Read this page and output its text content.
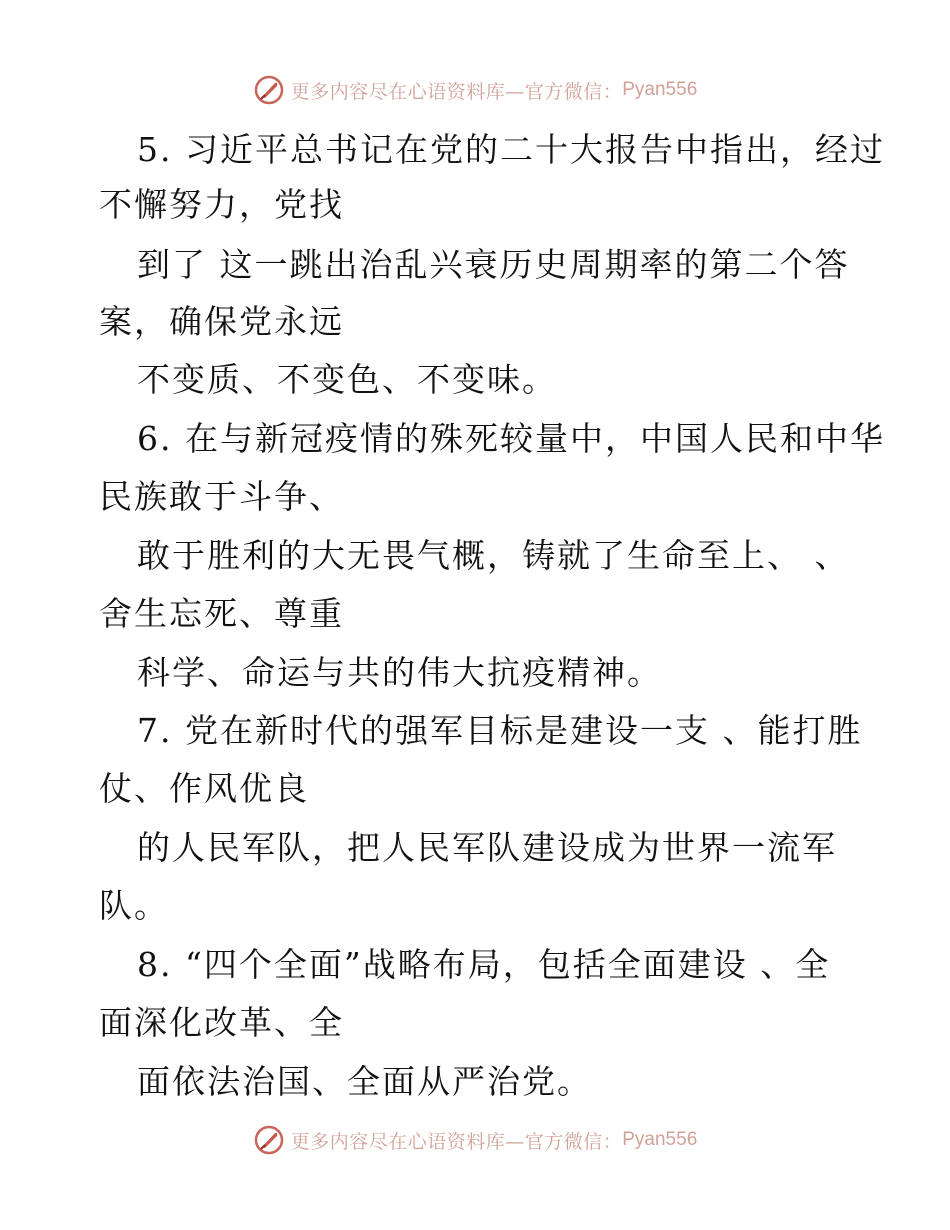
更多内容尽在心语资料库—官方微信： Pyan556
5. 习近平总书记在党的二十大报告中指出，经过
不懈努力，党找
到了 这一跳出治乱兴衰历史周期率的第二个答
案，确保党永远
不变质、不变色、不变味。
6. 在与新冠疫情的殊死较量中，中国人民和中华
民族敢于斗争、
敢于胜利的大无畏气概，铸就了生命至上、 、
舍生忘死、尊重
科学、命运与共的伟大抗疫精神。
7. 党在新时代的强军目标是建设一支 、能打胜
仗、作风优良
的人民军队，把人民军队建设成为世界一流军
队。
8. “四个全面”战略布局，包括全面建设 、全
面深化改革、全
面依法治国、全面从严治党。
更多内容尽在心语资料库—官方微信： Pyan556
